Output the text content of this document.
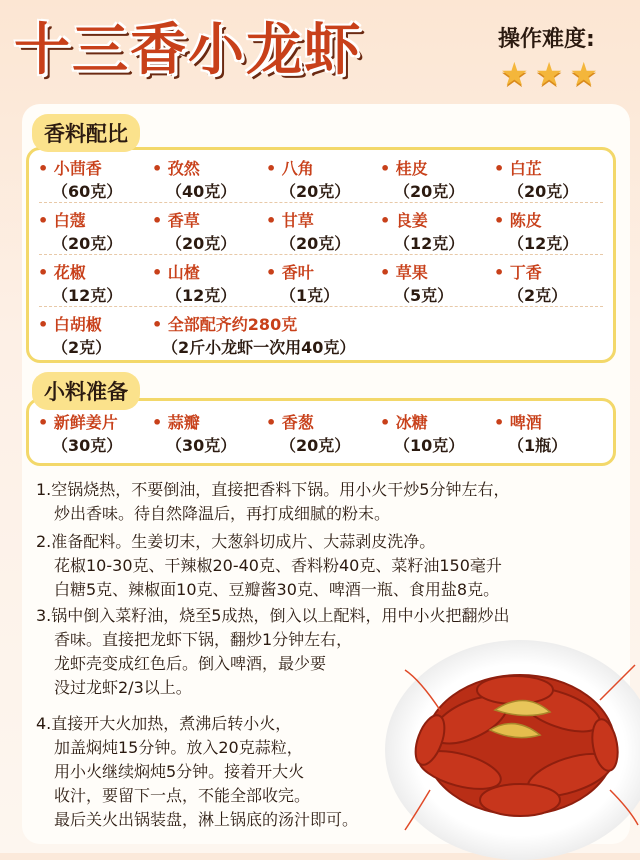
十三香小龙虾	操作难度:
★ ★ ★
香料配比
• 小茴香
（60克）
• 孜然
（40克）
• 八角
（20克）
• 桂皮
（20克）
• 白芷
（20克）
• 白蔻
（20克）
• 香草
（20克）
• 甘草
（20克）
• 良姜
（12克）
• 陈皮
（12克）
• 花椒
（12克）
• 山楂
（12克）
• 香叶
（1克）
• 草果
（5克）
• 丁香
（2克）
• 白胡椒
（2克）
• 全部配齐约280克
（2斤小龙虾一次用40克）
小料准备
• 新鲜姜片
（30克）
• 蒜瓣
（30克）
• 香葱
（20克）
• 冰糖
（10克）
• 啤酒
（1瓶）
1.空锅烧热，不要倒油，直接把香料下锅。用小火干炒5分钟左右，
炒出香味。待自然降温后，再打成细腻的粉末。
2.准备配料。生姜切末，大葱斜切成片、大蒜剥皮洗净。
花椒10-30克、干辣椒20-40克、香料粉40克、菜籽油150毫升
白糖5克、辣椒面10克、豆瓣酱30克、啤酒一瓶、食用盐8克。
3.锅中倒入菜籽油，烧至5成热，倒入以上配料，用中小火把翻炒出
香味。直接把龙虾下锅，翻炒1分钟左右，
龙虾壳变成红色后。倒入啤酒，最少要
没过龙虾2/3以上。
4.直接开大火加热，煮沸后转小火，
加盖焖炖15分钟。放入20克蒜粒，
用小火继续焖炖5分钟。接着开大火
收汁，要留下一点，不能全部收完。
最后关火出锅装盘，淋上锅底的汤汁即可。
